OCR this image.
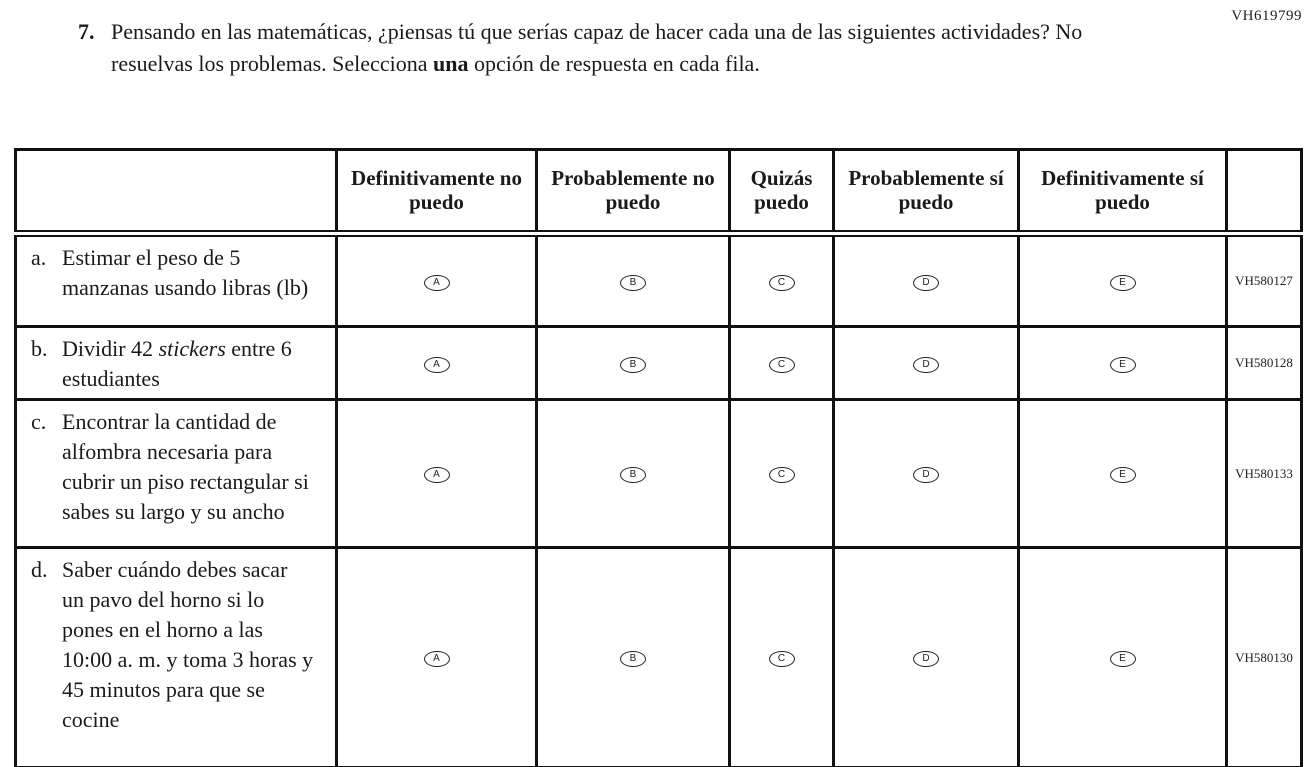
VH619799
7. Pensando en las matemáticas, ¿piensas tú que serías capaz de hacer cada una de las siguientes actividades? No resuelvas los problemas. Selecciona una opción de respuesta en cada fila.
	Definitivamente no puedo	Probablemente no puedo	Quizás puedo	Probablemente sí puedo	Definitivamente sí puedo	

a. Estimar el peso de 5 manzanas usando libras (lb)	A	B	C	D	E	VH580127

b. Dividir 42 stickers entre 6 estudiantes	A	B	C	D	E	VH580128

c. Encontrar la cantidad de alfombra necesaria para cubrir un piso rectangular si sabes su largo y su ancho	A	B	C	D	E	VH580133

d. Saber cuándo debes sacar un pavo del horno si lo pones en el horno a las 10:00 a. m. y toma 3 horas y 45 minutos para que se cocine	A	B	C	D	E	VH580130
